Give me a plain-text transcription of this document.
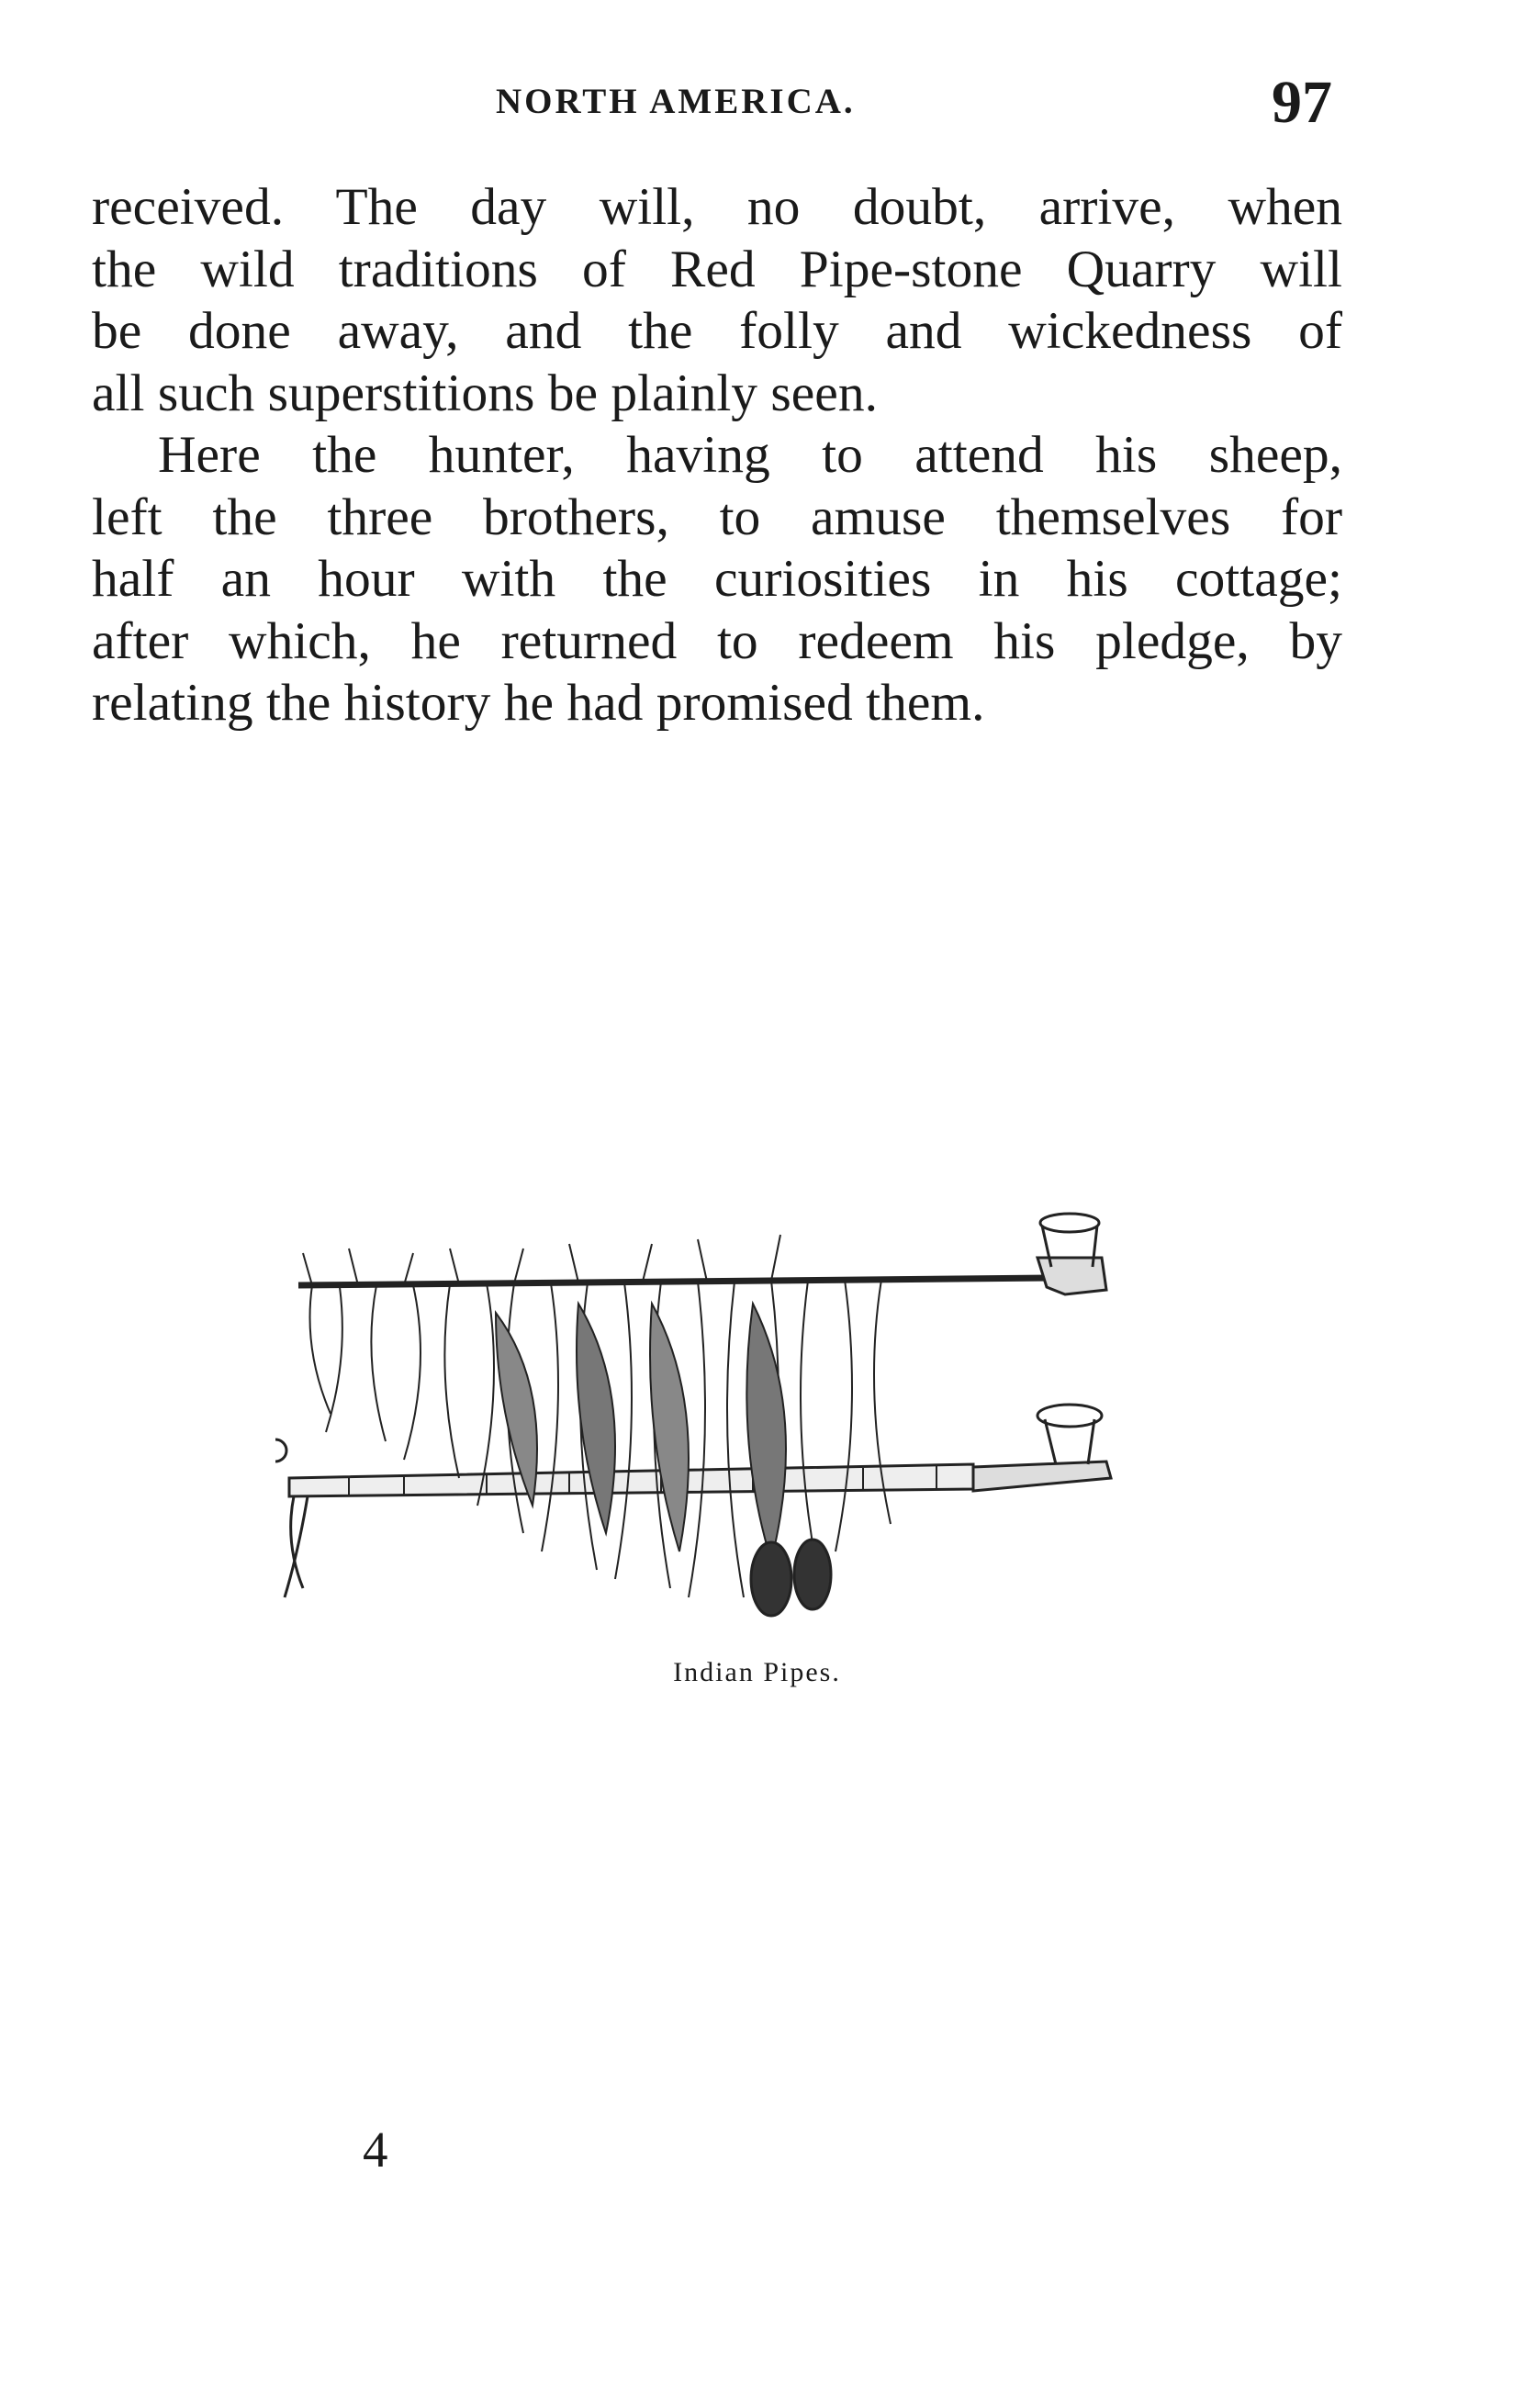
NORTH AMERICA.	97

received. The day will, no doubt, arrive, when
the wild traditions of Red Pipe-stone Quarry will
be done away, and the folly and wickedness of
all such superstitions be plainly seen.

Here the hunter, having to attend his sheep,
left the three brothers, to amuse themselves for
half an hour with the curiosities in his cottage;
after which, he returned to redeem his pledge, by
relating the history he had promised them.

Indian Pipes.
4
